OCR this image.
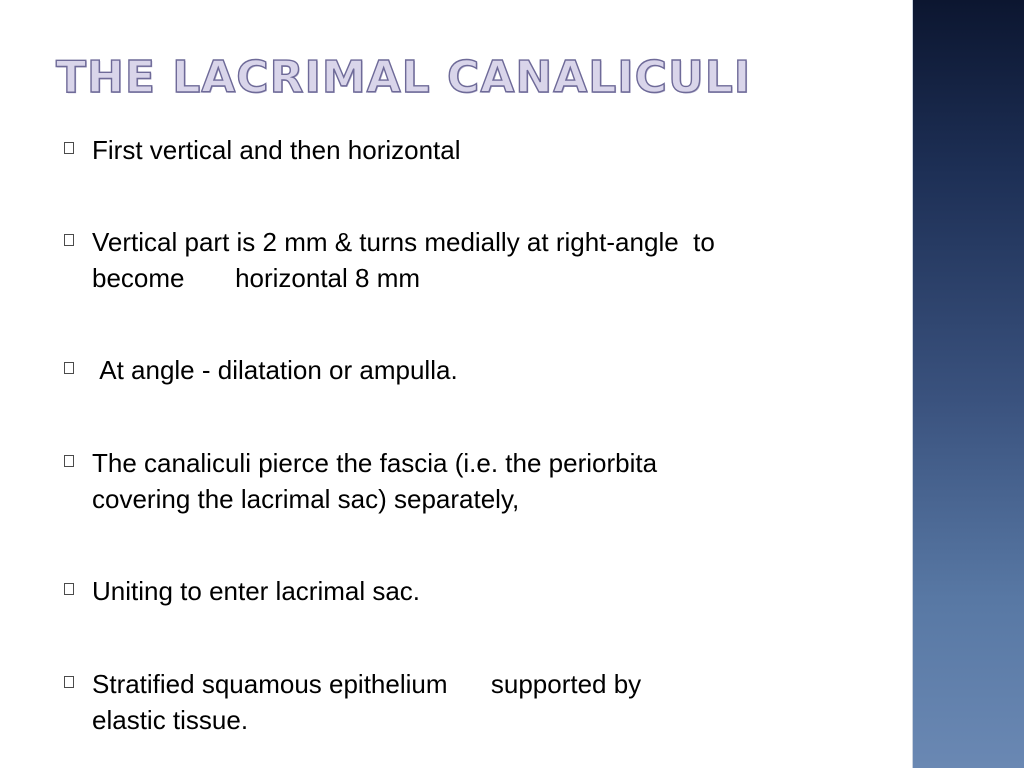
THE LACRIMAL CANALICULI
First vertical and then horizontal
Vertical part is 2 mm & turns medially at right-angle  to
become       horizontal 8 mm
At angle - dilatation or ampulla.
The canaliculi pierce the fascia (i.e. the periorbita
covering the lacrimal sac) separately,
Uniting to enter lacrimal sac.
Stratified squamous epithelium      supported by
elastic tissue.
